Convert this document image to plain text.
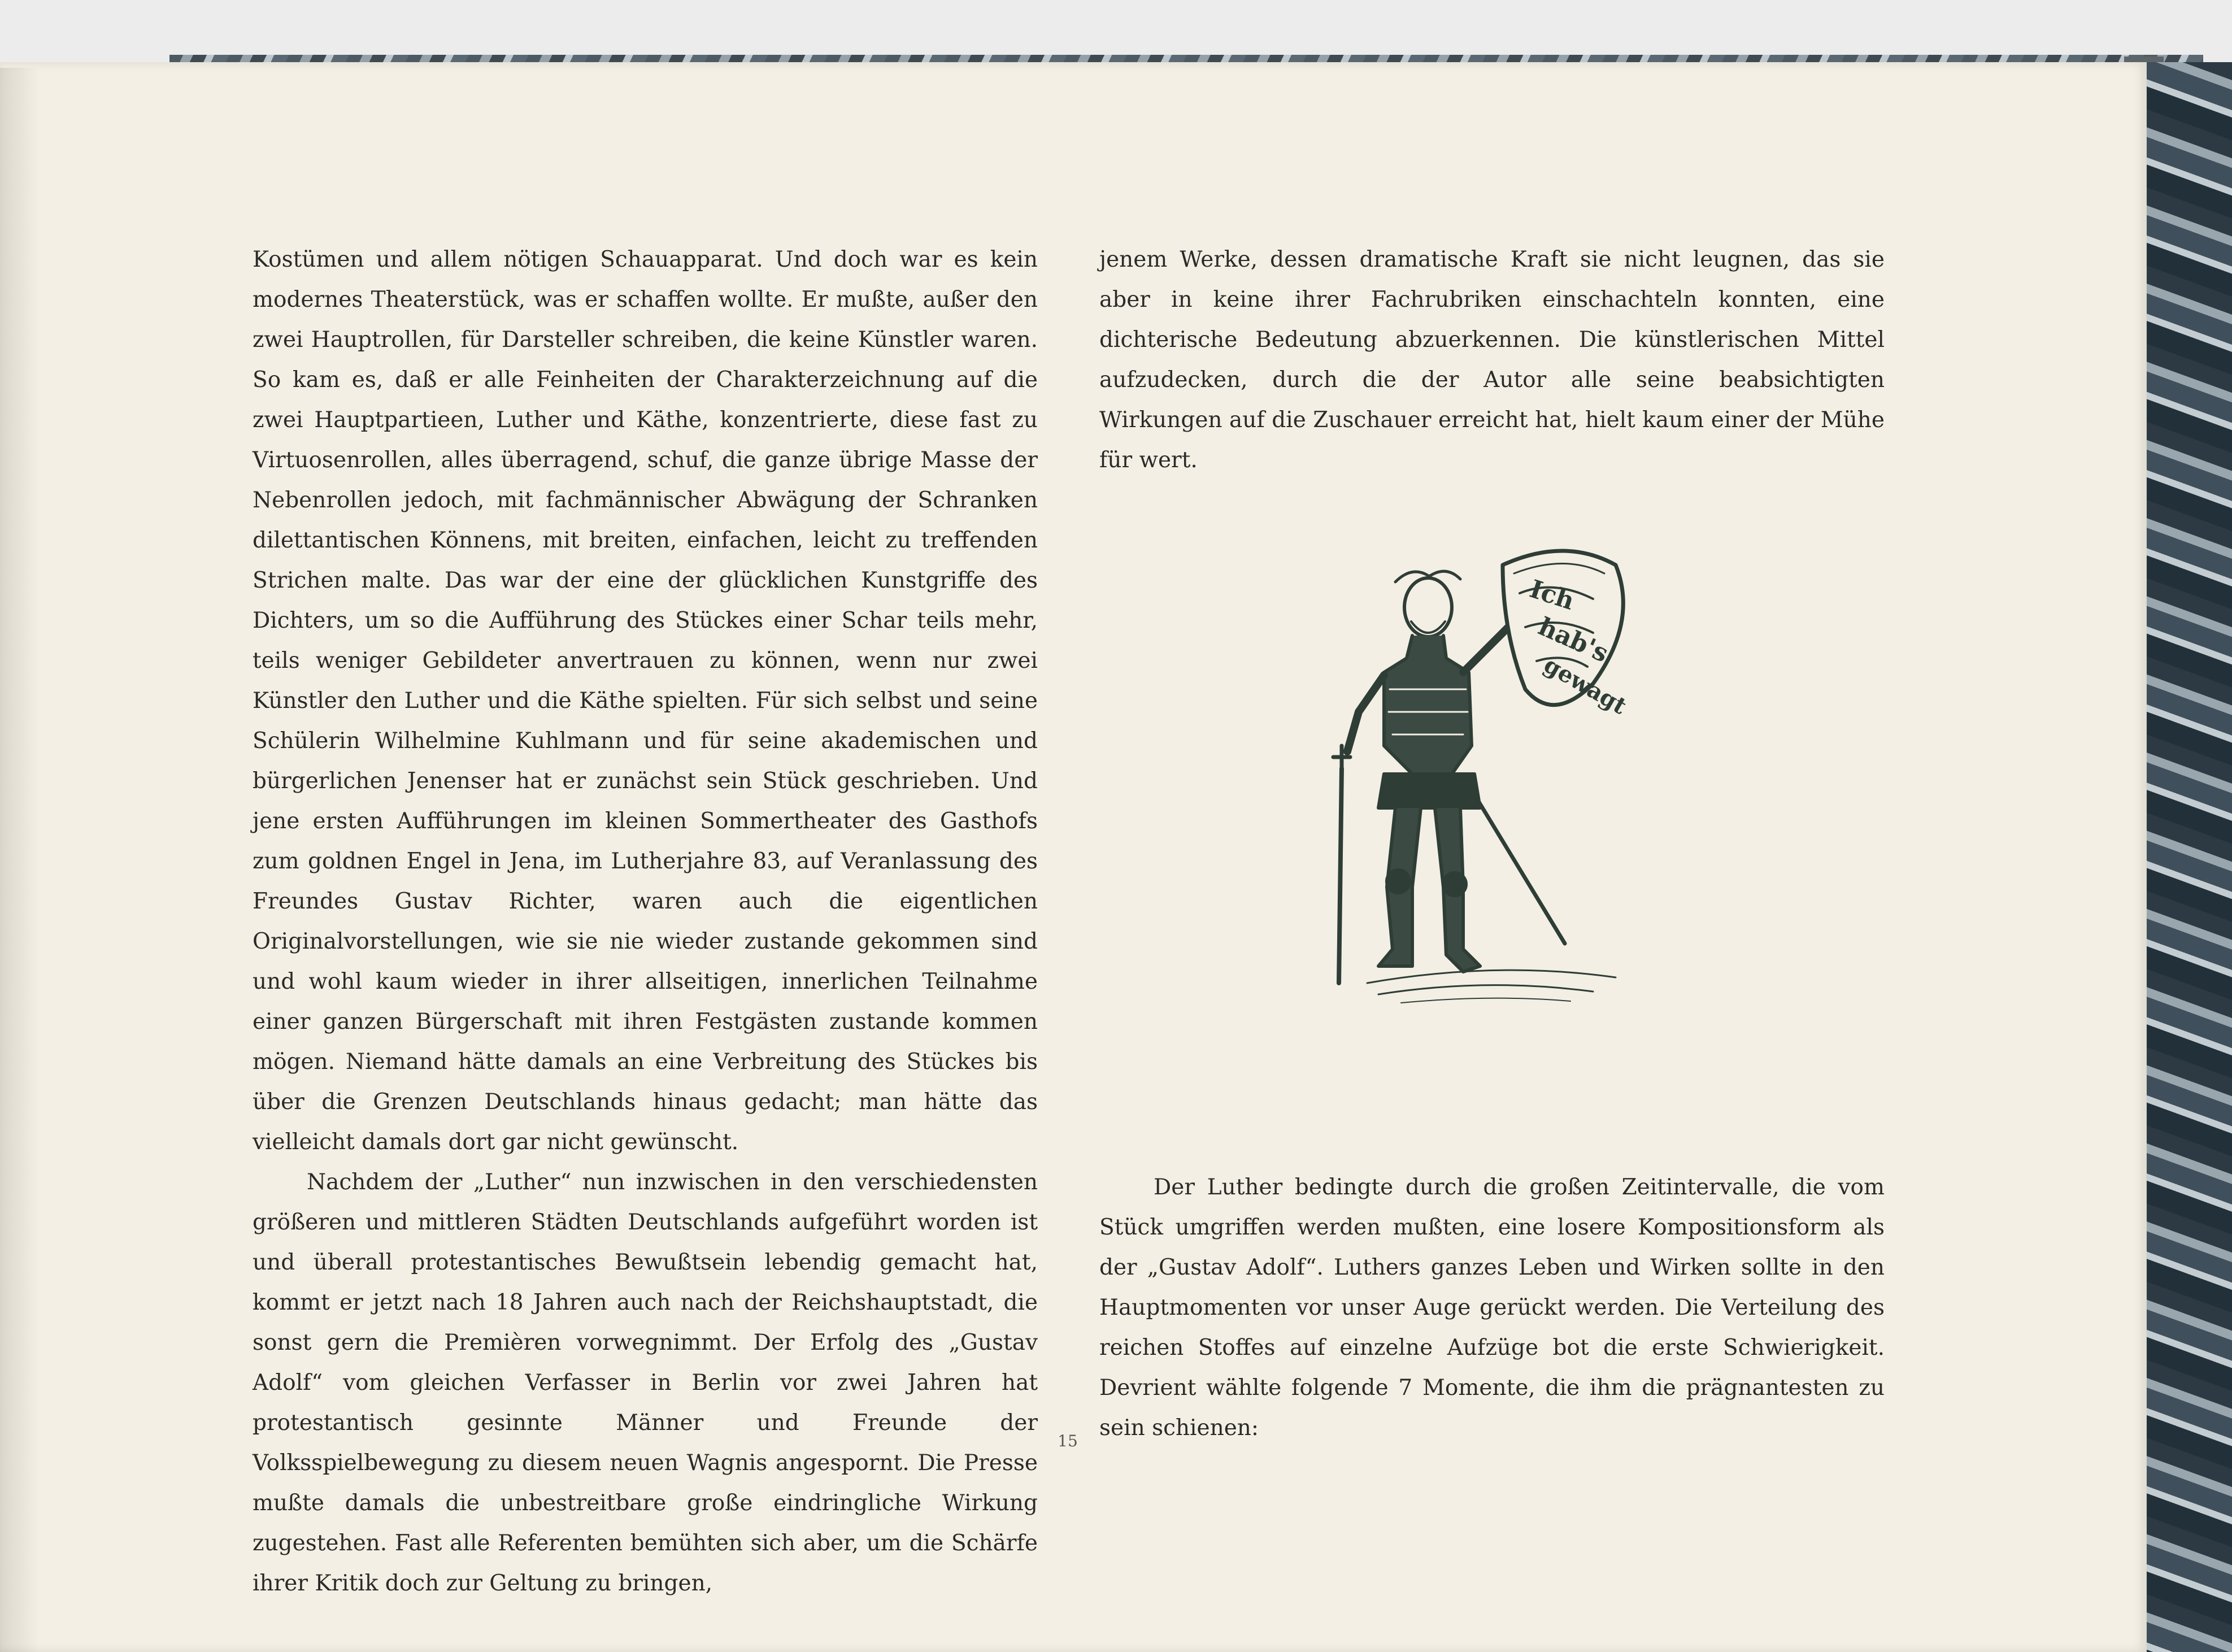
Kostümen und allem nötigen Schauapparat. Und doch war es kein modernes Theaterstück, was er schaffen wollte. Er mußte, außer den zwei Hauptrollen, für Darsteller schreiben, die keine Künstler waren. So kam es, daß er alle Feinheiten der Charakterzeichnung auf die zwei Hauptpartieen, Luther und Käthe, konzentrierte, diese fast zu Virtuosenrollen, alles überragend, schuf, die ganze übrige Masse der Nebenrollen jedoch, mit fachmännischer Abwägung der Schranken dilettantischen Könnens, mit breiten, einfachen, leicht zu treffenden Strichen malte. Das war der eine der glücklichen Kunstgriffe des Dichters, um so die Aufführung des Stückes einer Schar teils mehr, teils weniger Gebildeter anvertrauen zu können, wenn nur zwei Künstler den Luther und die Käthe spielten. Für sich selbst und seine Schülerin Wilhelmine Kuhlmann und für seine akademischen und bürgerlichen Jenenser hat er zunächst sein Stück geschrieben. Und jene ersten Aufführungen im kleinen Sommertheater des Gasthofs zum goldnen Engel in Jena, im Lutherjahre 83, auf Veranlassung des Freundes Gustav Richter, waren auch die eigentlichen Originalvorstellungen, wie sie nie wieder zustande gekommen sind und wohl kaum wieder in ihrer allseitigen, innerlichen Teilnahme einer ganzen Bürgerschaft mit ihren Festgästen zustande kommen mögen. Niemand hätte damals an eine Verbreitung des Stückes bis über die Grenzen Deutschlands hinaus gedacht; man hätte das vielleicht damals dort gar nicht gewünscht.

Nachdem der „Luther“ nun inzwischen in den verschiedensten größeren und mittleren Städten Deutschlands aufgeführt worden ist und überall protestantisches Bewußtsein lebendig gemacht hat, kommt er jetzt nach 18 Jahren auch nach der Reichshauptstadt, die sonst gern die Premièren vorwegnimmt. Der Erfolg des „Gustav Adolf“ vom gleichen Verfasser in Berlin vor zwei Jahren hat protestantisch gesinnte Männer und Freunde der Volksspielbewegung zu diesem neuen Wagnis angespornt. Die Presse mußte damals die unbestreitbare große eindringliche Wirkung zugestehen. Fast alle Referenten bemühten sich aber, um die Schärfe ihrer Kritik doch zur Geltung zu bringen,

jenem Werke, dessen dramatische Kraft sie nicht leugnen, das sie aber in keine ihrer Fachrubriken einschachteln konnten, eine dichterische Bedeutung abzuerkennen. Die künstlerischen Mittel aufzudecken, durch die der Autor alle seine beabsichtigten Wirkungen auf die Zuschauer erreicht hat, hielt kaum einer der Mühe für wert.

Ich
hab's
gewagt

Der Luther bedingte durch die großen Zeitintervalle, die vom Stück umgriffen werden mußten, eine losere Kompositionsform als der „Gustav Adolf“. Luthers ganzes Leben und Wirken sollte in den Hauptmomenten vor unser Auge gerückt werden. Die Verteilung des reichen Stoffes auf einzelne Aufzüge bot die erste Schwierigkeit. Devrient wählte folgende 7 Momente, die ihm die prägnantesten zu sein schienen:

15
